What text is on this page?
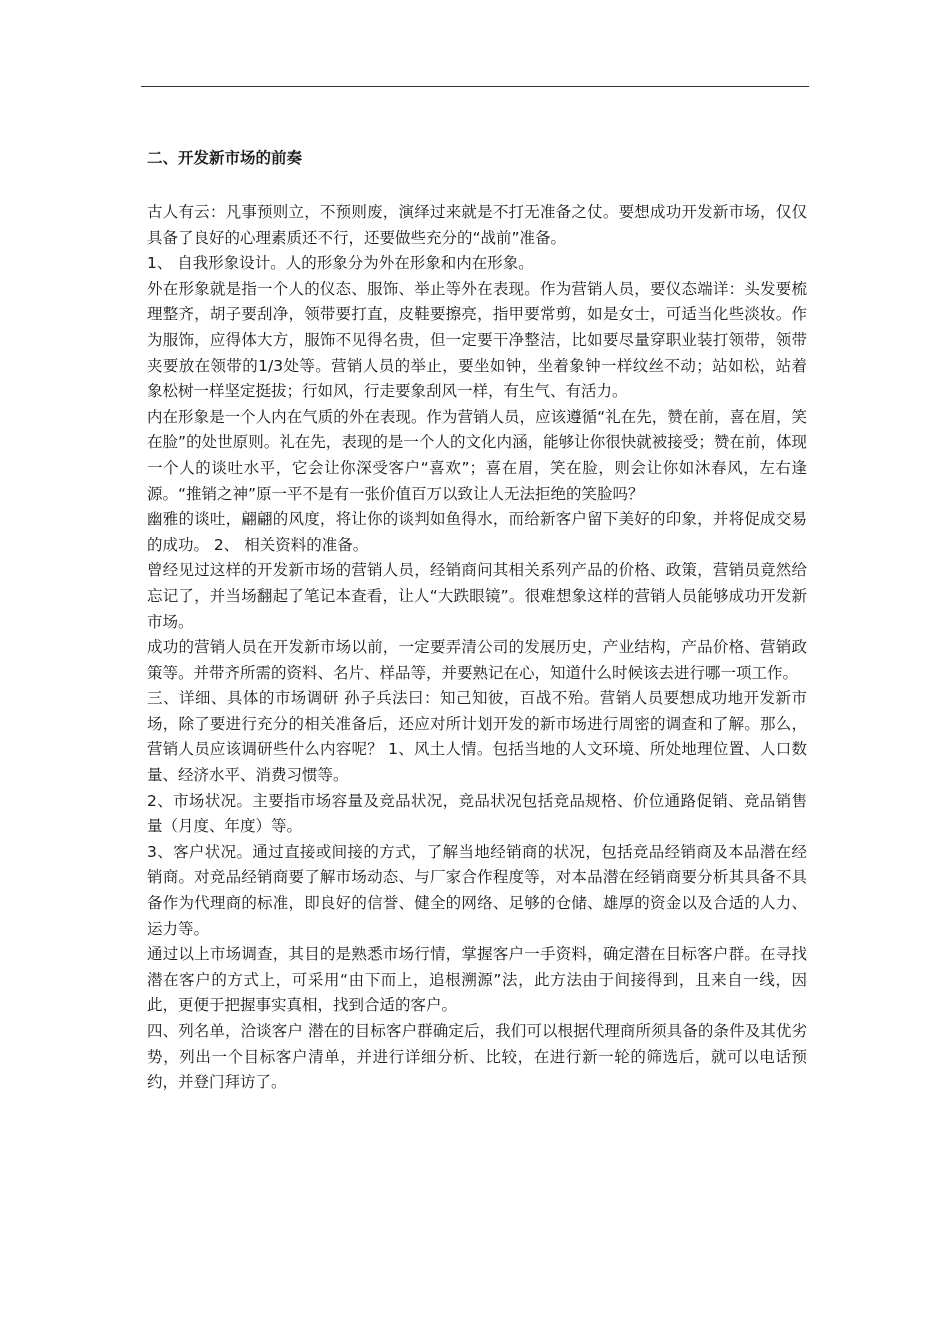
二、开发新市场的前奏

古人有云：凡事预则立，不预则废，演绎过来就是不打无准备之仗。要想成功开发新市场，仅仅具备了良好的心理素质还不行，还要做些充分的“战前”准备。

1、 自我形象设计。人的形象分为外在形象和内在形象。

外在形象就是指一个人的仪态、服饰、举止等外在表现。作为营销人员，要仪态端详：头发要梳理整齐，胡子要刮净，领带要打直，皮鞋要擦亮，指甲要常剪，如是女士，可适当化些淡妆。作为服饰，应得体大方，服饰不见得名贵，但一定要干净整洁，比如要尽量穿职业装打领带，领带夹要放在领带的1/3处等。营销人员的举止，要坐如钟，坐着象钟一样纹丝不动；站如松，站着象松树一样坚定挺拔；行如风，行走要象刮风一样，有生气、有活力。

内在形象是一个人内在气质的外在表现。作为营销人员，应该遵循“礼在先，赞在前，喜在眉，笑在脸”的处世原则。礼在先，表现的是一个人的文化内涵，能够让你很快就被接受；赞在前，体现一个人的谈吐水平，它会让你深受客户“喜欢”；喜在眉，笑在脸，则会让你如沐春风，左右逢源。“推销之神”原一平不是有一张价值百万以致让人无法拒绝的笑脸吗？

幽雅的谈吐，翩翩的风度，将让你的谈判如鱼得水，而给新客户留下美好的印象，并将促成交易的成功。 2、 相关资料的准备。

曾经见过这样的开发新市场的营销人员，经销商问其相关系列产品的价格、政策，营销员竟然给忘记了，并当场翻起了笔记本查看，让人“大跌眼镜”。很难想象这样的营销人员能够成功开发新市场。

成功的营销人员在开发新市场以前，一定要弄清公司的发展历史，产业结构，产品价格、营销政策等。并带齐所需的资料、名片、样品等，并要熟记在心，知道什么时候该去进行哪一项工作。

三、详细、具体的市场调研 孙子兵法曰：知己知彼，百战不殆。营销人员要想成功地开发新市场，除了要进行充分的相关准备后，还应对所计划开发的新市场进行周密的调查和了解。那么，营销人员应该调研些什么内容呢？ 1、风土人情。包括当地的人文环境、所处地理位置、人口数量、经济水平、消费习惯等。

2、市场状况。主要指市场容量及竞品状况，竞品状况包括竞品规格、价位通路促销、竞品销售量（月度、年度）等。

3、客户状况。通过直接或间接的方式，了解当地经销商的状况，包括竞品经销商及本品潜在经销商。对竞品经销商要了解市场动态、与厂家合作程度等，对本品潜在经销商要分析其具备不具备作为代理商的标准，即良好的信誉、健全的网络、足够的仓储、雄厚的资金以及合适的人力、运力等。

通过以上市场调查，其目的是熟悉市场行情，掌握客户一手资料，确定潜在目标客户群。在寻找潜在客户的方式上，可采用“由下而上，追根溯源”法，此方法由于间接得到，且来自一线，因此，更便于把握事实真相，找到合适的客户。

四、列名单，洽谈客户 潜在的目标客户群确定后，我们可以根据代理商所须具备的条件及其优劣势，列出一个目标客户清单，并进行详细分析、比较，在进行新一轮的筛选后，就可以电话预约，并登门拜访了。
